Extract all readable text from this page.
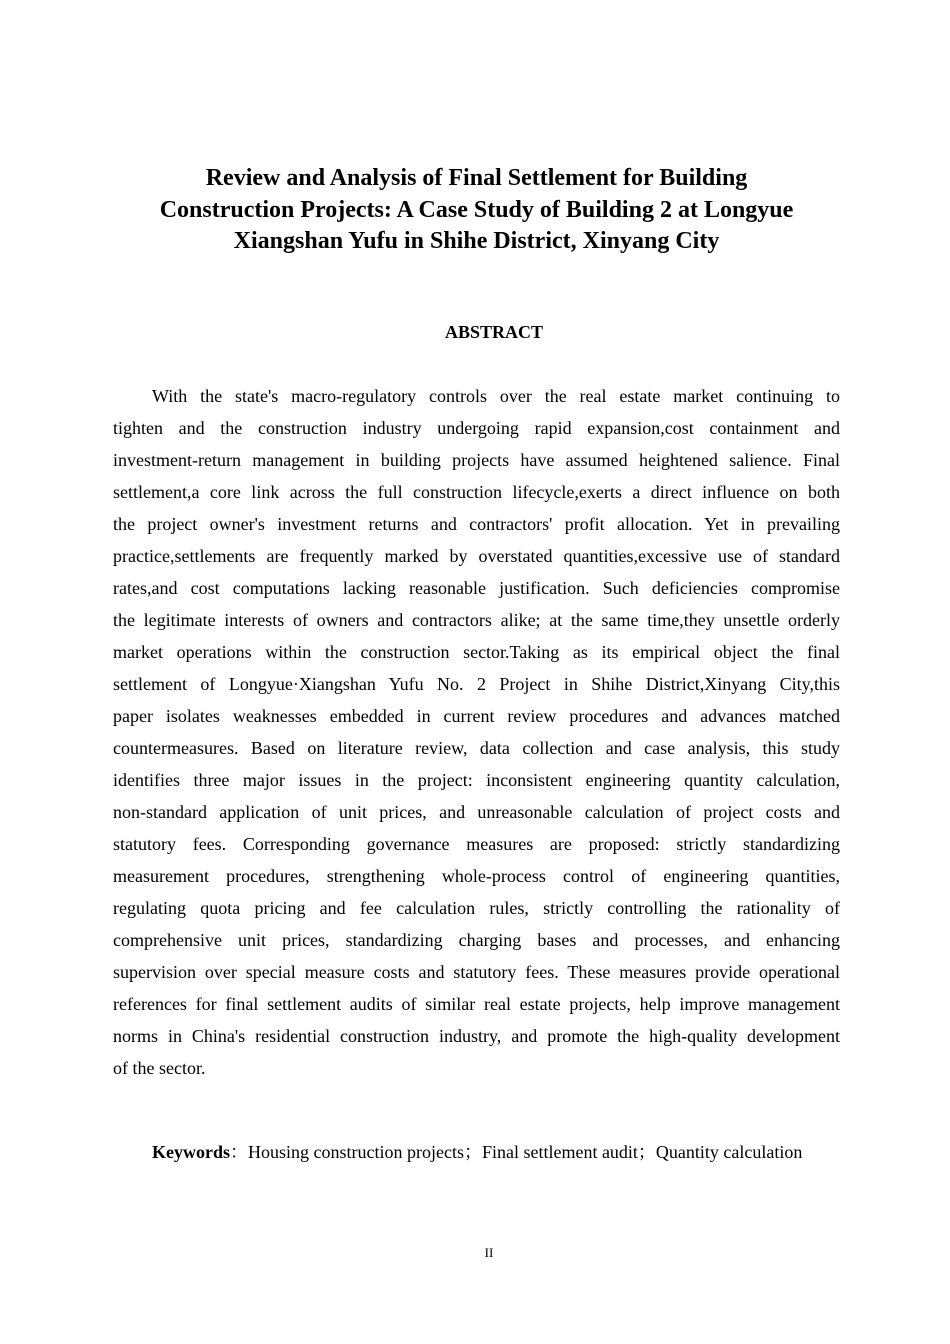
Review and Analysis of Final Settlement for Building
Construction Projects: A Case Study of Building 2 at Longyue
Xiangshan Yufu in Shihe District, Xinyang City
ABSTRACT
With the state's macro-regulatory controls over the real estate market continuing to
tighten and the construction industry undergoing rapid expansion,cost containment and
investment-return management in building projects have assumed heightened salience. Final
settlement,a core link across the full construction lifecycle,exerts a direct influence on both
the project owner's investment returns and contractors' profit allocation. Yet in prevailing
practice,settlements are frequently marked by overstated quantities,excessive use of standard
rates,and cost computations lacking reasonable justification. Such deficiencies compromise
the legitimate interests of owners and contractors alike; at the same time,they unsettle orderly
market operations within the construction sector.Taking as its empirical object the final
settlement of Longyue·Xiangshan Yufu No. 2 Project in Shihe District,Xinyang City,this
paper isolates weaknesses embedded in current review procedures and advances matched
countermeasures. Based on literature review, data collection and case analysis, this study
identifies three major issues in the project: inconsistent engineering quantity calculation,
non-standard application of unit prices, and unreasonable calculation of project costs and
statutory fees. Corresponding governance measures are proposed: strictly standardizing
measurement procedures, strengthening whole-process control of engineering quantities,
regulating quota pricing and fee calculation rules, strictly controlling the rationality of
comprehensive unit prices, standardizing charging bases and processes, and enhancing
supervision over special measure costs and statutory fees. These measures provide operational
references for final settlement audits of similar real estate projects, help improve management
norms in China's residential construction industry, and promote the high-quality development
of the sector.

Keywords：Housing construction projects；Final settlement audit；Quantity calculation

II
